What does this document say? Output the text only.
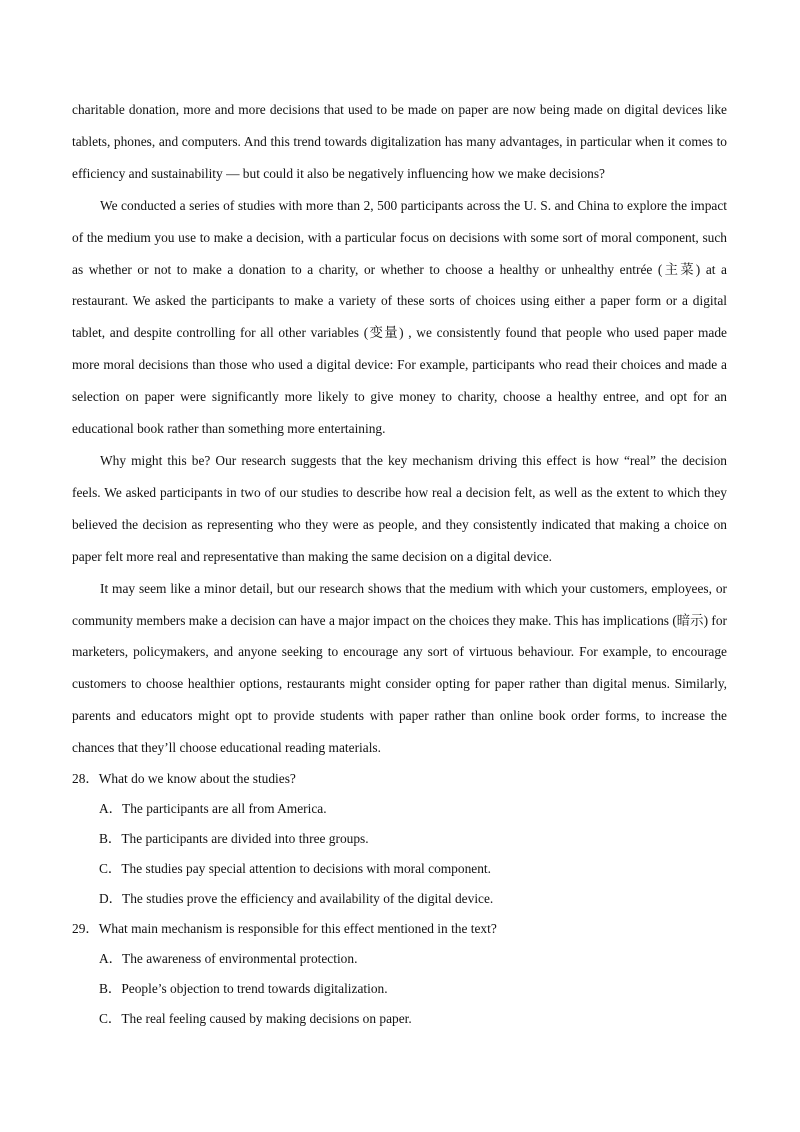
charitable donation, more and more decisions that used to be made on paper are now being made on digital devices like tablets, phones, and computers. And this trend towards digitalization has many advantages, in particular when it comes to efficiency and sustainability — but could it also be negatively influencing how we make decisions?

We conducted a series of studies with more than 2, 500 participants across the U. S. and China to explore the impact of the medium you use to make a decision, with a particular focus on decisions with some sort of moral component, such as whether or not to make a donation to a charity, or whether to choose a healthy or unhealthy entrée (主菜) at a restaurant. We asked the participants to make a variety of these sorts of choices using either a paper form or a digital tablet, and despite controlling for all other variables (变量) , we consistently found that people who used paper made more moral decisions than those who used a digital device: For example, participants who read their choices and made a selection on paper were significantly more likely to give money to charity, choose a healthy entree, and opt for an educational book rather than something more entertaining.

Why might this be? Our research suggests that the key mechanism driving this effect is how “real” the decision feels. We asked participants in two of our studies to describe how real a decision felt, as well as the extent to which they believed the decision as representing who they were as people, and they consistently indicated that making a choice on paper felt more real and representative than making the same decision on a digital device.

It may seem like a minor detail, but our research shows that the medium with which your customers, employees, or community members make a decision can have a major impact on the choices they make. This has implications (暗示) for marketers, policymakers, and anyone seeking to encourage any sort of virtuous behaviour. For example, to encourage customers to choose healthier options, restaurants might consider opting for paper rather than digital menus. Similarly, parents and educators might opt to provide students with paper rather than online book order forms, to increase the chances that they’ll choose educational reading materials.

28．What do we know about the studies?

A．The participants are all from America.

B．The participants are divided into three groups.

C．The studies pay special attention to decisions with moral component.

D．The studies prove the efficiency and availability of the digital device.

29．What main mechanism is responsible for this effect mentioned in the text?

A．The awareness of environmental protection.

B．People’s objection to trend towards digitalization.

C．The real feeling caused by making decisions on paper.
